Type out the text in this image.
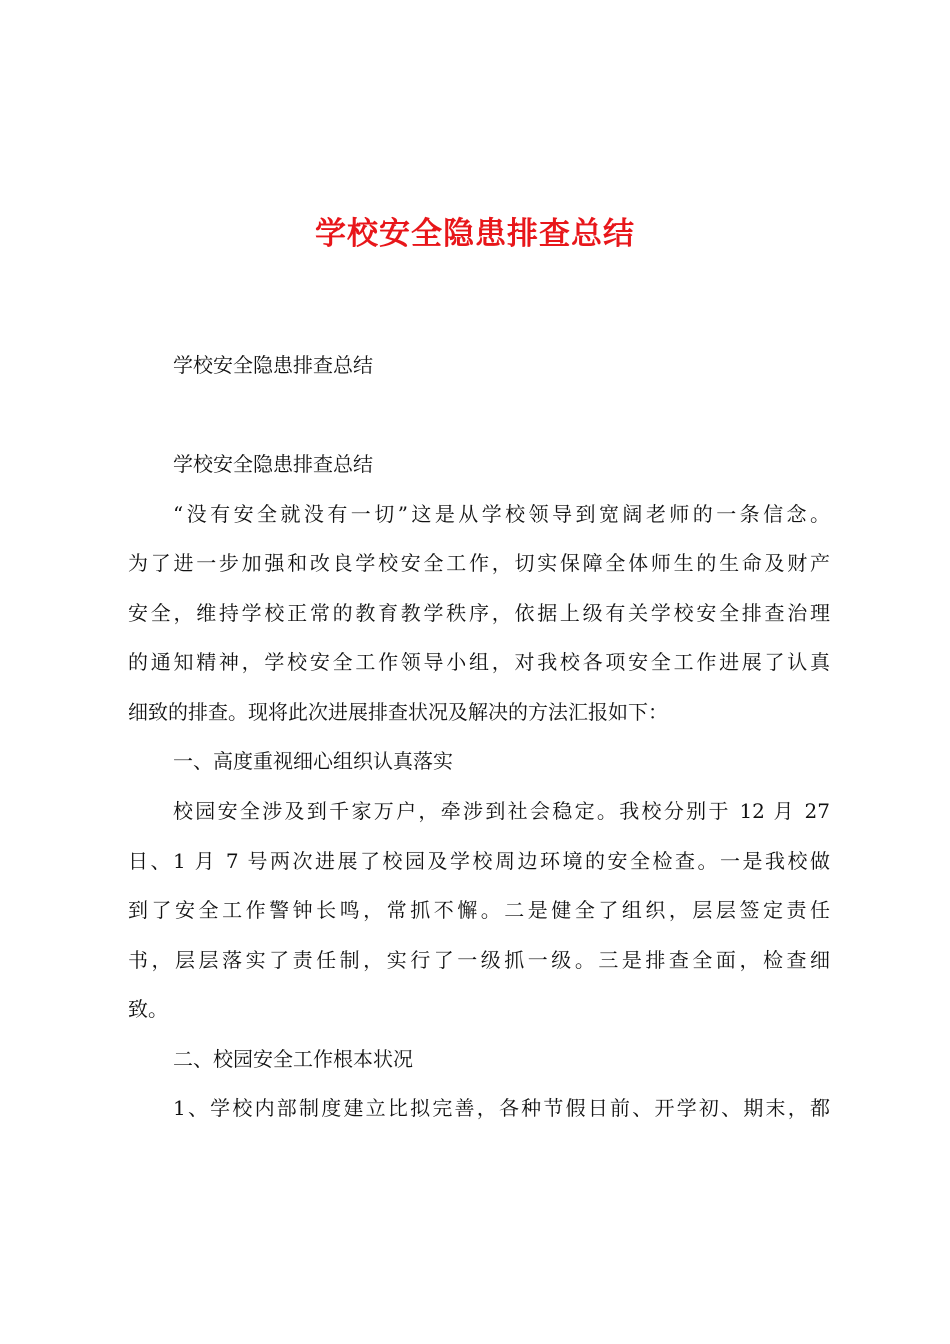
学校安全隐患排查总结

学校安全隐患排查总结

学校安全隐患排查总结

“没有安全就没有一切”这是从学校领导到宽阔老师的一条信念。

为了进一步加强和改良学校安全工作，切实保障全体师生的生命及财产

安全，维持学校正常的教育教学秩序，依据上级有关学校安全排查治理

的通知精神，学校安全工作领导小组，对我校各项安全工作进展了认真

细致的排查。现将此次进展排查状况及解决的方法汇报如下：

一、高度重视细心组织认真落实

校园安全涉及到千家万户，牵涉到社会稳定。我校分别于 12 月 27

日、1 月 7 号两次进展了校园及学校周边环境的安全检查。一是我校做

到了安全工作警钟长鸣，常抓不懈。二是健全了组织，层层签定责任

书，层层落实了责任制，实行了一级抓一级。三是排查全面，检查细

致。

二、校园安全工作根本状况

1、学校内部制度建立比拟完善，各种节假日前、开学初、期末，都
